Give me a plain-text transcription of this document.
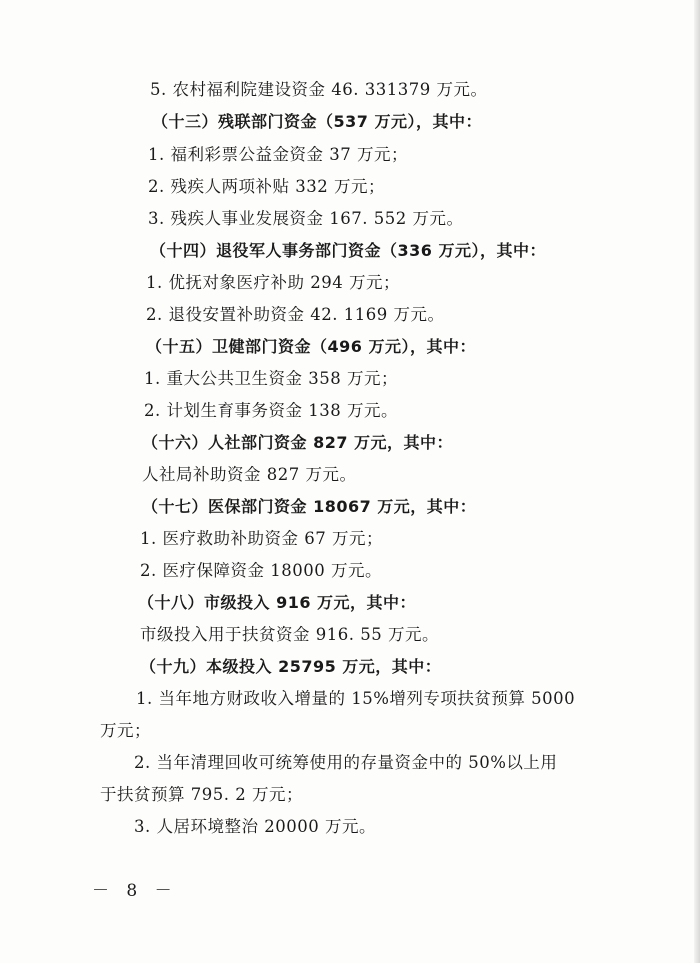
5. 农村福利院建设资金 46. 331379 万元。
（十三）残联部门资金（537 万元），其中：
1. 福利彩票公益金资金 37 万元；
2. 残疾人两项补贴 332 万元；
3. 残疾人事业发展资金 167. 552 万元。
（十四）退役军人事务部门资金（336 万元），其中：
1. 优抚对象医疗补助 294 万元；
2. 退役安置补助资金 42. 1169 万元。
（十五）卫健部门资金（496 万元），其中：
1. 重大公共卫生资金 358 万元；
2. 计划生育事务资金 138 万元。
（十六）人社部门资金 827 万元，其中：
人社局补助资金 827 万元。
（十七）医保部门资金 18067 万元，其中：
1. 医疗救助补助资金 67 万元；
2. 医疗保障资金 18000 万元。
（十八）市级投入 916 万元，其中：
市级投入用于扶贫资金 916. 55 万元。
（十九）本级投入 25795 万元，其中：
1. 当年地方财政收入增量的 15%增列专项扶贫预算 5000
万元；
2. 当年清理回收可统筹使用的存量资金中的 50%以上用
于扶贫预算 795. 2 万元；
3. 人居环境整治 20000 万元。
－ 8 －
